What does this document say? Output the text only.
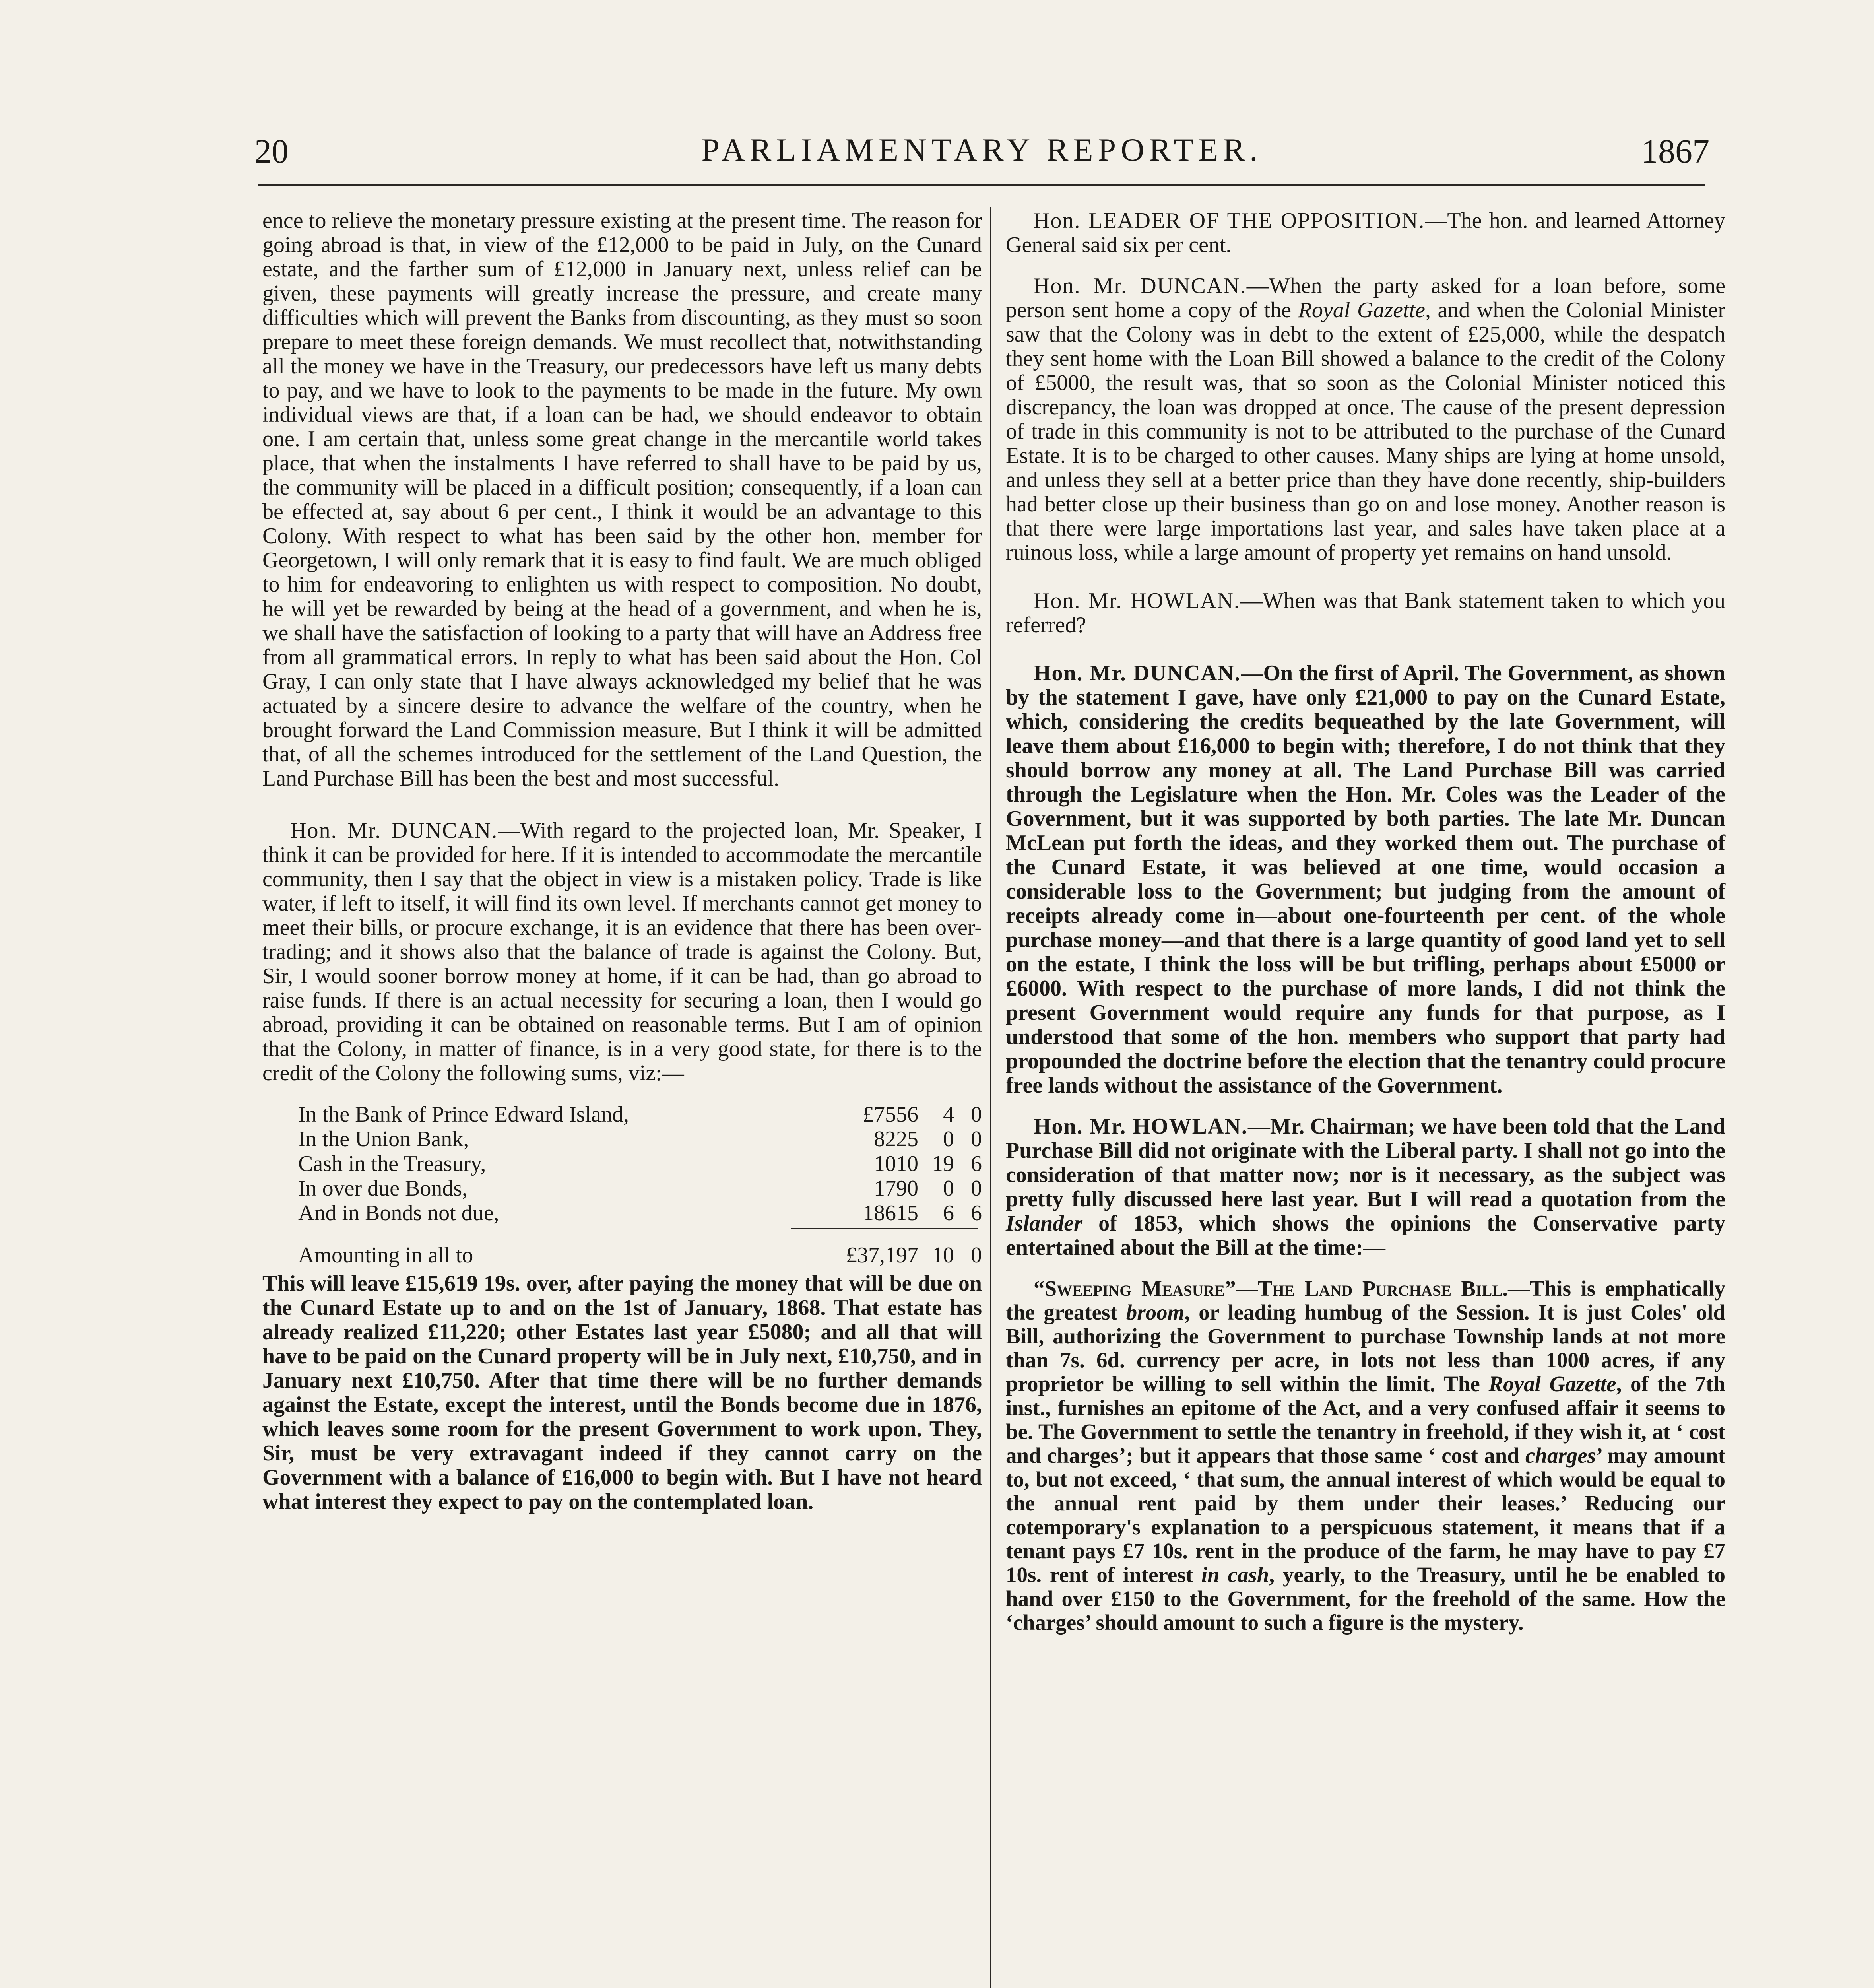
20	PARLIAMENTARY REPORTER.	1867

ence to relieve the monetary pressure existing at the present time. The reason for going abroad is that, in view of the £12,000 to be paid in July, on the Cunard estate, and the farther sum of £12,000 in January next, unless relief can be given, these payments will greatly increase the pressure, and create many difficulties which will prevent the Banks from discounting, as they must so soon prepare to meet these foreign demands. We must recollect that, notwithstanding all the money we have in the Treasury, our predecessors have left us many debts to pay, and we have to look to the payments to be made in the future. My own individual views are that, if a loan can be had, we should endeavor to obtain one. I am certain that, unless some great change in the mercantile world takes place, that when the instalments I have referred to shall have to be paid by us, the community will be placed in a difficult position; consequently, if a loan can be effected at, say about 6 per cent., I think it would be an advantage to this Colony. With respect to what has been said by the other hon. member for Georgetown, I will only remark that it is easy to find fault. We are much obliged to him for endeavoring to enlighten us with respect to composition. No doubt, he will yet be rewarded by being at the head of a government, and when he is, we shall have the satisfaction of looking to a party that will have an Address free from all grammatical errors. In reply to what has been said about the Hon. Col Gray, I can only state that I have always acknowledged my belief that he was actuated by a sincere desire to advance the welfare of the country, when he brought forward the Land Commission measure. But I think it will be admitted that, of all the schemes introduced for the settlement of the Land Question, the Land Purchase Bill has been the best and most successful.

Hon. Mr. DUNCAN.—With regard to the projected loan, Mr. Speaker, I think it can be provided for here. If it is intended to accommodate the mercantile community, then I say that the object in view is a mistaken policy. Trade is like water, if left to itself, it will find its own level. If merchants cannot get money to meet their bills, or procure exchange, it is an evidence that there has been over-trading; and it shows also that the balance of trade is against the Colony. But, Sir, I would sooner borrow money at home, if it can be had, than go abroad to raise funds. If there is an actual necessity for securing a loan, then I would go abroad, providing it can be obtained on reasonable terms. But I am of opinion that the Colony, in matter of finance, is in a very good state, for there is to the credit of the Colony the following sums, viz:—

In the Bank of Prince Edward Island,	£7556	4 0
In the Union Bank,	8225	0 0
Cash in the Treasury,	1010 19 6
In over due Bonds,	1790	0 0
And in Bonds not due,	18615	6 6
Amounting in all to	£37,197 10 0

This will leave £15,619 19s. over, after paying the money that will be due on the Cunard Estate up to and on the 1st of January, 1868. That estate has already realized £11,220; other Estates last year £5080; and all that will have to be paid on the Cunard property will be in July next, £10,750, and in January next £10,750. After that time there will be no further demands against the Estate, except the interest, until the Bonds become due in 1876, which leaves some room for the present Government to work upon. They, Sir, must be very extravagant indeed if they cannot carry on the Government with a balance of £16,000 to begin with. But I have not heard what interest they expect to pay on the contemplated loan.

Hon. LEADER OF THE OPPOSITION.—The hon. and learned Attorney General said six per cent.

Hon. Mr. DUNCAN.—When the party asked for a loan before, some person sent home a copy of the Royal Gazette, and when the Colonial Minister saw that the Colony was in debt to the extent of £25,000, while the despatch they sent home with the Loan Bill showed a balance to the credit of the Colony of £5000, the result was, that so soon as the Colonial Minister noticed this discrepancy, the loan was dropped at once. The cause of the present depression of trade in this community is not to be attributed to the purchase of the Cunard Estate. It is to be charged to other causes. Many ships are lying at home unsold, and unless they sell at a better price than they have done recently, ship-builders had better close up their business than go on and lose money. Another reason is that there were large importations last year, and sales have taken place at a ruinous loss, while a large amount of property yet remains on hand unsold.

Hon. Mr. HOWLAN.—When was that Bank statement taken to which you referred?

Hon. Mr. DUNCAN.—On the first of April. The Government, as shown by the statement I gave, have only £21,000 to pay on the Cunard Estate, which, considering the credits bequeathed by the late Government, will leave them about £16,000 to begin with; therefore, I do not think that they should borrow any money at all. The Land Purchase Bill was carried through the Legislature when the Hon. Mr. Coles was the Leader of the Government, but it was supported by both parties. The late Mr. Duncan McLean put forth the ideas, and they worked them out. The purchase of the Cunard Estate, it was believed at one time, would occasion a considerable loss to the Government; but judging from the amount of receipts already come in—about one-fourteenth per cent. of the whole purchase money—and that there is a large quantity of good land yet to sell on the estate, I think the loss will be but trifling, perhaps about £5000 or £6000. With respect to the purchase of more lands, I did not think the present Government would require any funds for that purpose, as I understood that some of the hon. members who support that party had propounded the doctrine before the election that the tenantry could procure free lands without the assistance of the Government.

Hon. Mr. HOWLAN.—Mr. Chairman; we have been told that the Land Purchase Bill did not originate with the Liberal party. I shall not go into the consideration of that matter now; nor is it necessary, as the subject was pretty fully discussed here last year. But I will read a quotation from the Islander of 1853, which shows the opinions the Conservative party entertained about the Bill at the time:—

“Sweeping Measure”—The Land Purchase Bill.—This is emphatically the greatest broom, or leading humbug of the Session. It is just Coles' old Bill, authorizing the Government to purchase Township lands at not more than 7s. 6d. currency per acre, in lots not less than 1000 acres, if any proprietor be willing to sell within the limit. The Royal Gazette, of the 7th inst., furnishes an epitome of the Act, and a very confused affair it seems to be. The Government to settle the tenantry in freehold, if they wish it, at ‘ cost and charges’; but it appears that those same ‘ cost and charges’ may amount to, but not exceed, ‘ that sum, the annual interest of which would be equal to the annual rent paid by them under their leases.’ Reducing our cotemporary's explanation to a perspicuous statement, it means that if a tenant pays £7 10s. rent in the produce of the farm, he may have to pay £7 10s. rent of interest in cash, yearly, to the Treasury, until he be enabled to hand over £150 to the Government, for the freehold of the same. How the ‘charges’ should amount to such a figure is the mystery.
